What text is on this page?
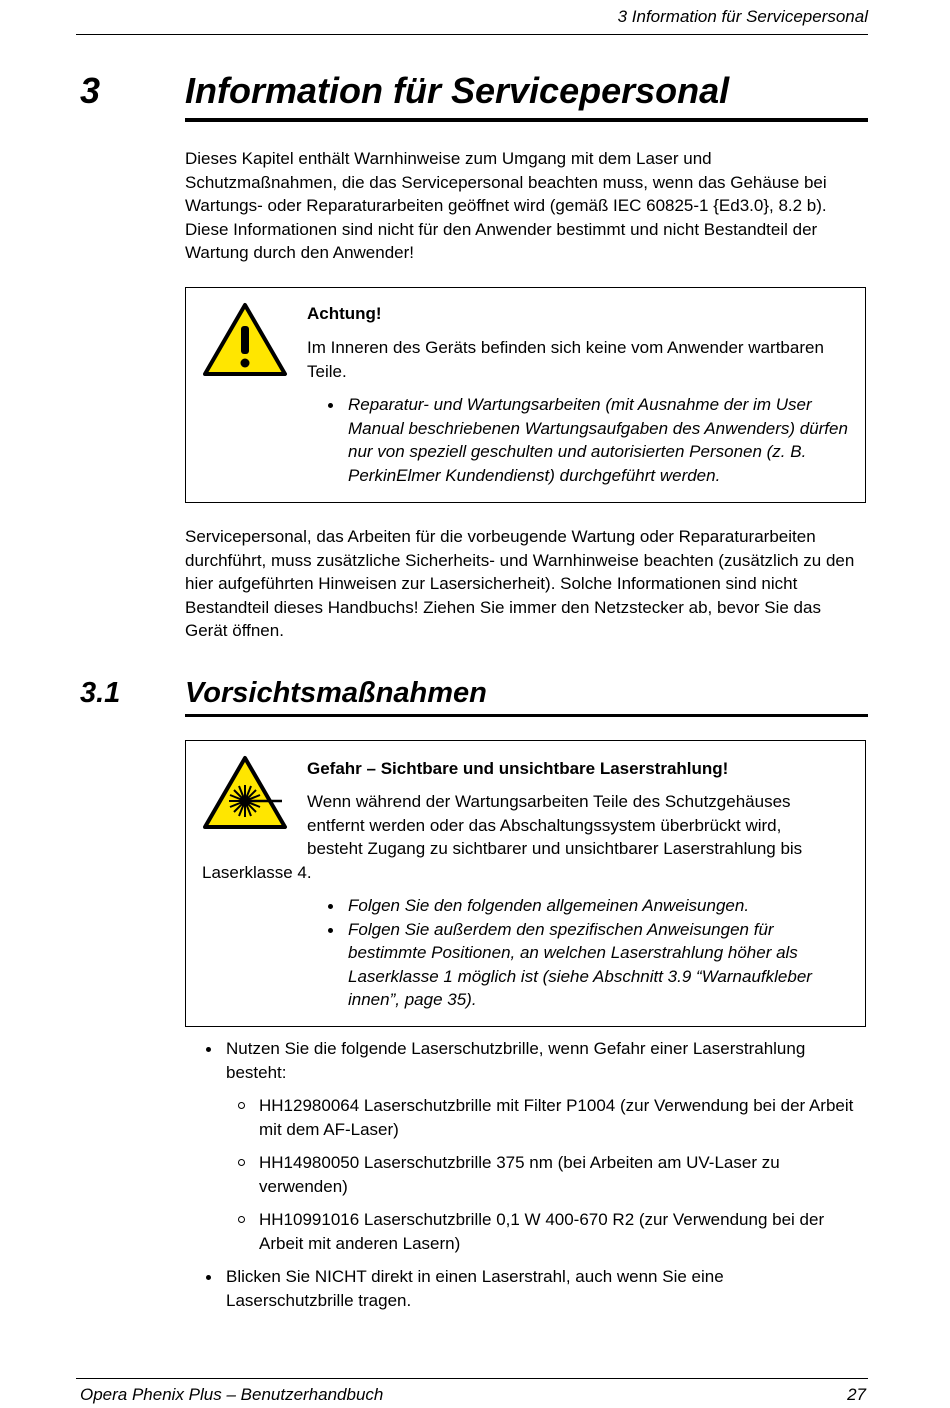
3 Information für Servicepersonal
3 Information für Servicepersonal

Dieses Kapitel enthält Warnhinweise zum Umgang mit dem Laser und Schutzmaßnahmen, die das Servicepersonal beachten muss, wenn das Gehäuse bei Wartungs- oder Reparaturarbeiten geöffnet wird (gemäß IEC 60825-1 {Ed3.0}, 8.2 b). Diese Informationen sind nicht für den Anwender bestimmt und nicht Bestandteil der Wartung durch den Anwender!

Achtung!

Im Inneren des Geräts befinden sich keine vom Anwender wartbaren Teile.

Reparatur- und Wartungsarbeiten (mit Ausnahme der im User Manual beschriebenen Wartungsaufgaben des Anwenders) dürfen nur von speziell geschulten und autorisierten Personen (z. B. PerkinElmer Kundendienst) durchgeführt werden.

Servicepersonal, das Arbeiten für die vorbeugende Wartung oder Reparaturarbeiten durchführt, muss zusätzliche Sicherheits- und Warnhinweise beachten (zusätzlich zu den hier aufgeführten Hinweisen zur Lasersicherheit). Solche Informationen sind nicht Bestandteil dieses Handbuchs! Ziehen Sie immer den Netzstecker ab, bevor Sie das Gerät öffnen.

3.1 Vorsichtsmaßnahmen
Gefahr – Sichtbare und unsichtbare Laserstrahlung!
Wenn während der Wartungsarbeiten Teile des Schutzgehäuses
entfernt werden oder das Abschaltungssystem überbrückt wird,
besteht Zugang zu sichtbarer und unsichtbarer Laserstrahlung bis
Laserklasse 4.
Folgen Sie den folgenden allgemeinen Anweisungen.
Folgen Sie außerdem den spezifischen Anweisungen für bestimmte Positionen, an welchen Laserstrahlung höher als Laserklasse 1 möglich ist (siehe Abschnitt 3.9 “Warnaufkleber innen”, page 35).
Nutzen Sie die folgende Laserschutzbrille, wenn Gefahr einer Laserstrahlung besteht:
HH12980064 Laserschutzbrille mit Filter P1004 (zur Verwendung bei der Arbeit mit dem AF-Laser)
HH14980050 Laserschutzbrille 375 nm (bei Arbeiten am UV-Laser zu verwenden)
HH10991016 Laserschutzbrille 0,1 W 400-670 R2 (zur Verwendung bei der Arbeit mit anderen Lasern)
Blicken Sie NICHT direkt in einen Laserstrahl, auch wenn Sie eine Laserschutzbrille tragen.
Opera Phenix Plus – Benutzerhandbuch	27
